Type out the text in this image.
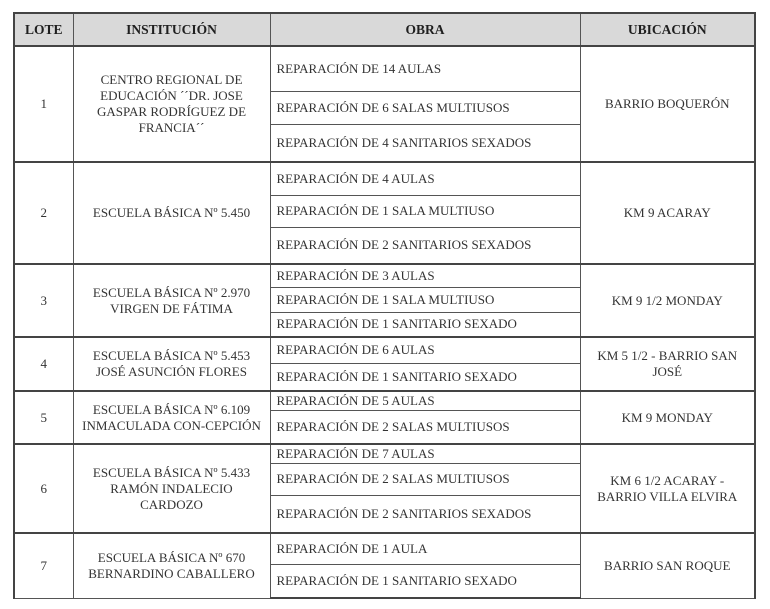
LOTE	INSTITUCIÓN	OBRA	UBICACIÓN
1	CENTRO REGIONAL DE EDUCACIÓN ´´DR. JOSE GASPAR RODRÍGUEZ DE FRANCIA´´	REPARACIÓN DE 14 AULAS	BARRIO BOQUERÓN
		REPARACIÓN DE 6 SALAS MULTIUSOS	
		REPARACIÓN DE 4 SANITARIOS SEXADOS	
2	ESCUELA BÁSICA Nº 5.450	REPARACIÓN DE 4 AULAS	KM 9 ACARAY
		REPARACIÓN DE 1 SALA MULTIUSO	
		REPARACIÓN DE 2 SANITARIOS SEXADOS	
3	ESCUELA BÁSICA Nº 2.970 VIRGEN DE FÁTIMA	REPARACIÓN DE 3 AULAS	KM 9 1/2 MONDAY
		REPARACIÓN DE 1 SALA MULTIUSO	
		REPARACIÓN DE 1 SANITARIO SEXADO	
4	ESCUELA BÁSICA Nº 5.453 JOSÉ ASUNCIÓN FLORES	REPARACIÓN DE 6 AULAS	KM 5 1/2 - BARRIO SAN JOSÉ
		REPARACIÓN DE 1 SANITARIO SEXADO	
5	ESCUELA BÁSICA Nº 6.109 INMACULADA CON-CEPCIÓN	REPARACIÓN DE 5 AULAS	KM 9 MONDAY
		REPARACIÓN DE 2 SALAS MULTIUSOS	
6	ESCUELA BÁSICA Nº 5.433 RAMÓN INDALECIO CARDOZO	REPARACIÓN DE 7 AULAS	KM 6 1/2 ACARAY - BARRIO VILLA ELVIRA
		REPARACIÓN DE 2 SALAS MULTIUSOS	
		REPARACIÓN DE 2 SANITARIOS SEXADOS	
7	ESCUELA BÁSICA Nº 670 BERNARDINO CABALLERO	REPARACIÓN DE 1 AULA	BARRIO SAN ROQUE
		REPARACIÓN DE 1 SANITARIO SEXADO	
